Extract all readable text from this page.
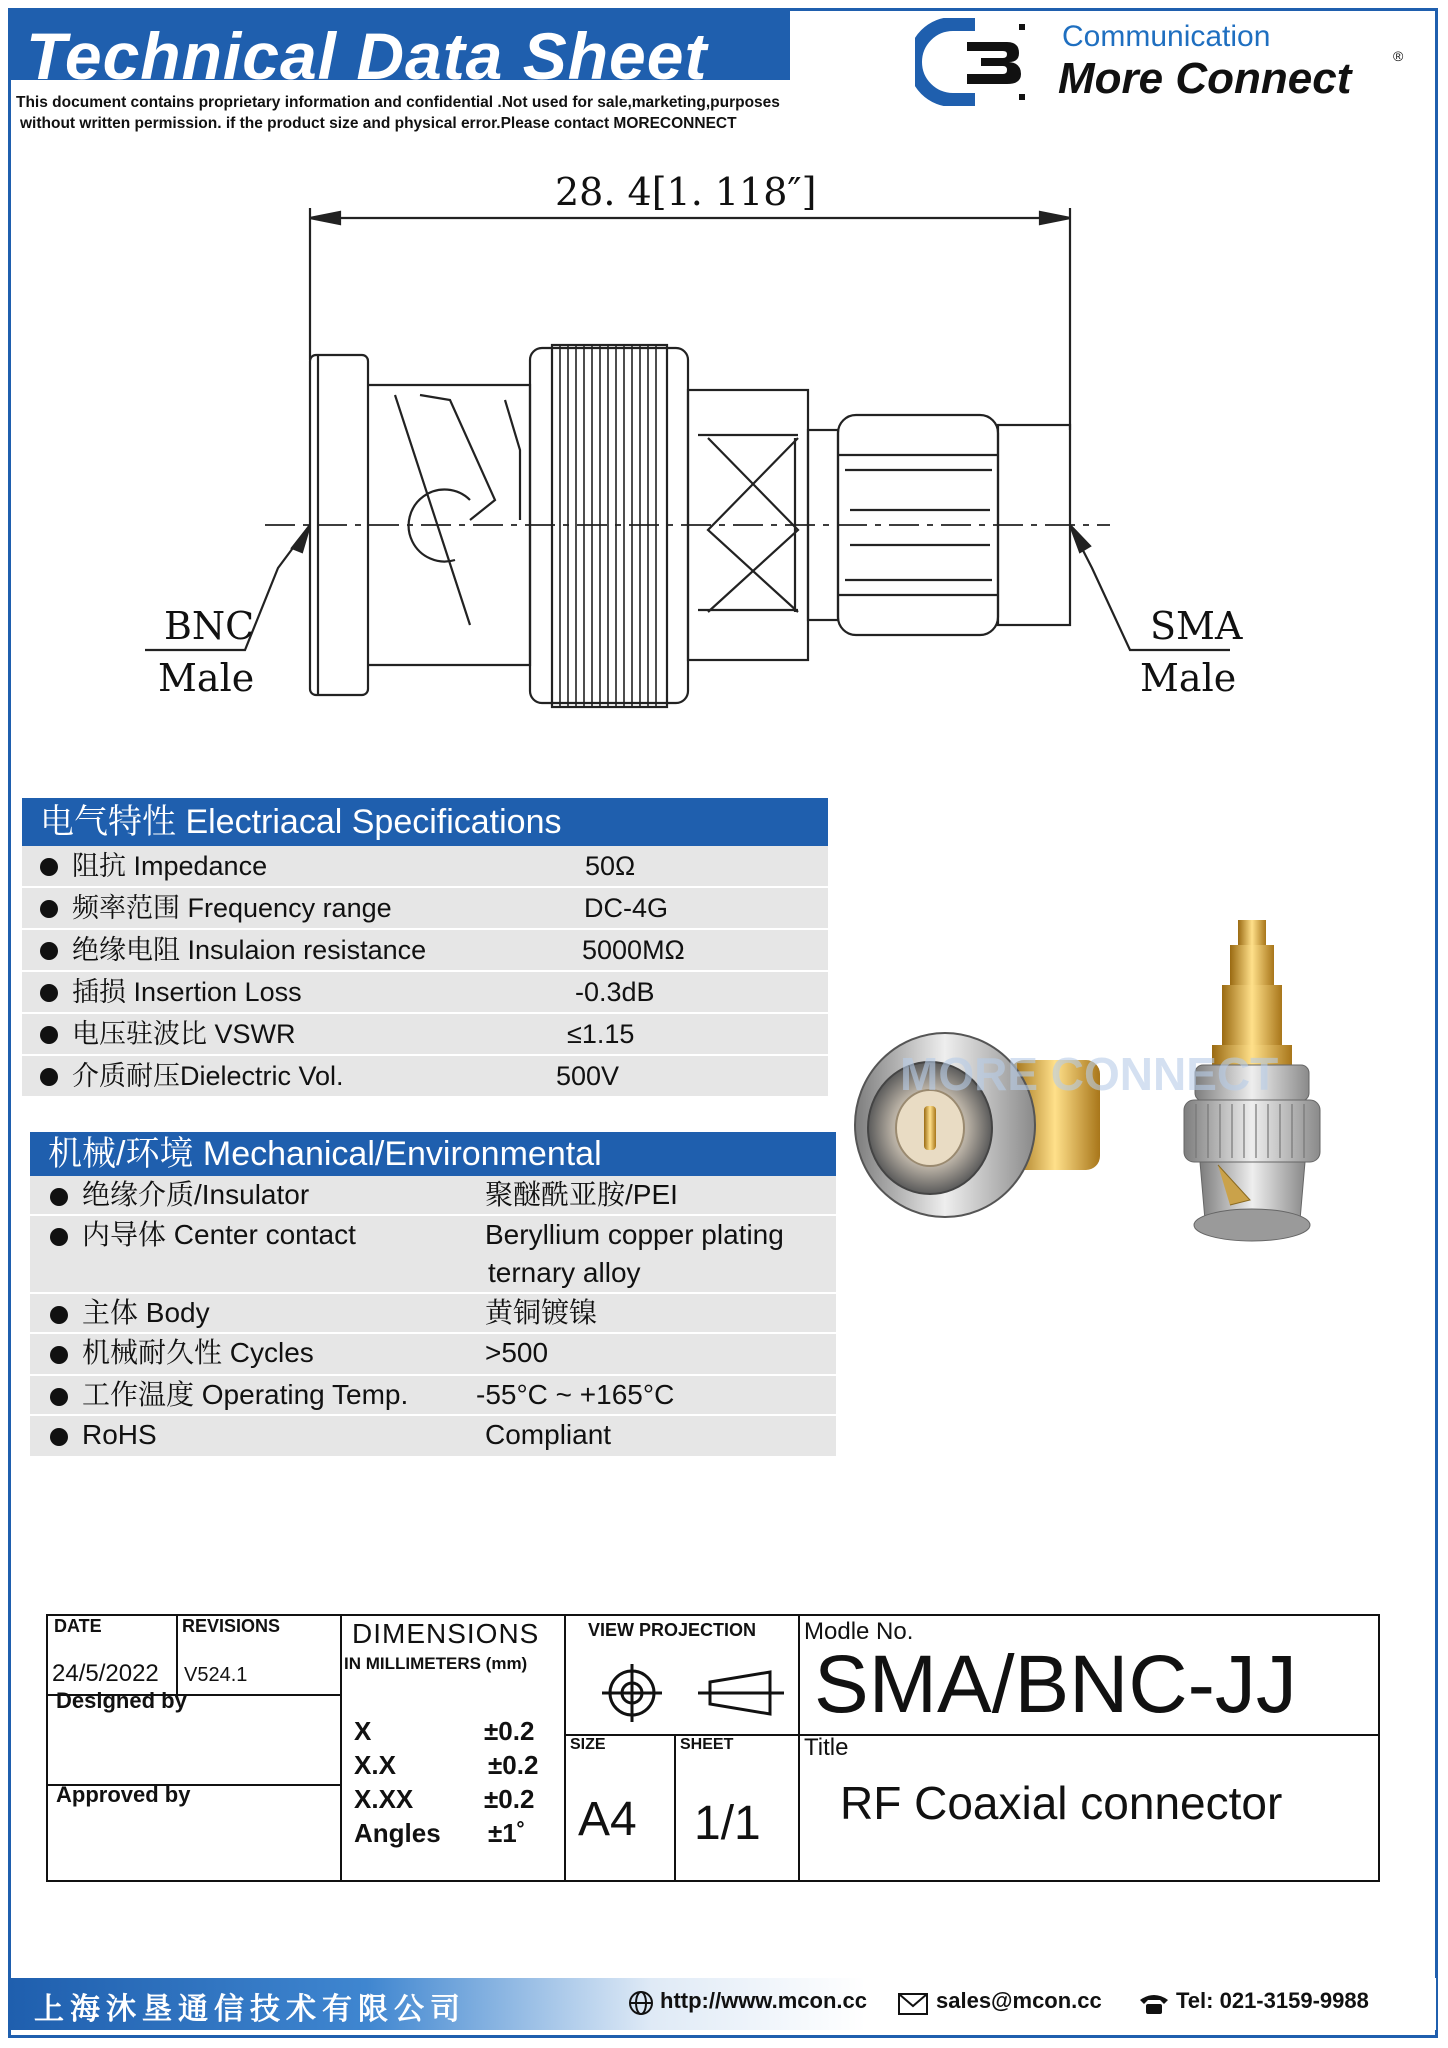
Technical Data Sheet
This document contains proprietary information and confidential .Not used for sale,marketing,purposes
without written permission. if the product size and physical error.Please contact MORECONNECT
Communication
More Connect	®
28. 4[1. 118″]
BNC
Male
SMA
Male
电气特性 Electriacal Specifications
阻抗 Impedance	50Ω
频率范围 Frequency range	DC-4G
绝缘电阻 Insulaion resistance	5000MΩ
插损 Insertion Loss	-0.3dB
电压驻波比 VSWR	≤1.15
介质耐压Dielectric Vol.	500V
机械/环境 Mechanical/Environmental
绝缘介质/Insulator	聚醚酰亚胺/PEI
内导体 Center contact	Beryllium copper plating
ternary alloy
主体 Body	黄铜镀镍
机械耐久性 Cycles	>500
工作温度 Operating Temp. -55°C ~ +165°C
RoHS	Compliant
MORE CONNECT
DATE	REVISIONS
24/5/2022 V524.1
Designed by
Approved by
DIMENSIONS
IN MILLIMETERS (mm)
X	±0.2
X.X	±0.2
X.XX	±0.2
Angles ±1˚
VIEW PROJECTION
SIZE
A4
SHEET
1/1
Modle No.
SMA/BNC-JJ
Title
RF Coaxial connector
上海沐垦通信技术有限公司	http://www.mcon.cc	sales@mcon.cc	Tel: 021-3159-9988
